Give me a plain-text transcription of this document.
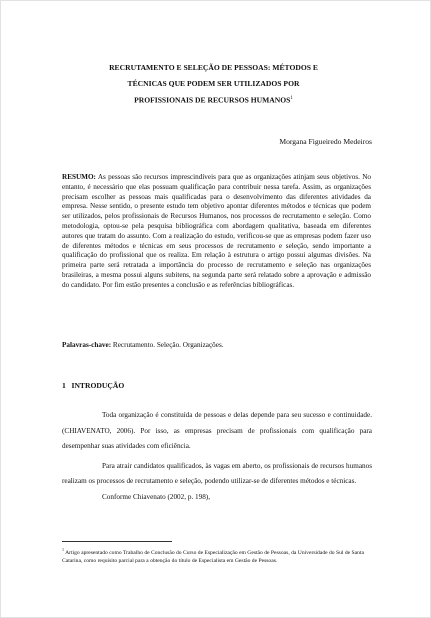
RECRUTAMENTO E SELEÇÃO DE PESSOAS: MÉTODOS E
TÉCNICAS QUE PODEM SER UTILIZADOS POR
PROFISSIONAIS DE RECURSOS HUMANOS$^1$
Morgana Figueiredo Medeiros
RESUMO: As pessoas são recursos imprescindíveis para que as organizações atinjam seus objetivos. No entanto, é necessário que elas possuam qualificação para contribuir nessa tarefa. Assim, as organizações precisam escolher as pessoas mais qualificadas para o desenvolvimento das diferentes atividades da empresa. Nesse sentido, o presente estudo tem objetivo apontar diferentes métodos e técnicas que podem ser utilizados, pelos profissionais de Recursos Humanos, nos processos de recrutamento e seleção. Como metodologia, optou-se pela pesquisa bibliográfica com abordagem qualitativa, baseada em diferentes autores que tratam do assunto. Com a realização do estudo, verificou-se que as empresas podem fazer uso de diferentes métodos e técnicas em seus processos de recrutamento e seleção, sendo importante a qualificação do profissional que os realiza. Em relação à estrutura o artigo possui algumas divisões. Na primeira parte será retratada a importância do processo de recrutamento e seleção nas organizações brasileiras, a mesma possui alguns subitens, na segunda parte será relatado sobre a aprovação e admissão do candidato. Por fim estão presentes a conclusão e as referências bibliográficas.
Palavras-chave: Recrutamento. Seleção. Organizações.
1   INTRODUÇÃO

Toda organização é constituída de pessoas e delas depende para seu sucesso e continuidade. (CHIAVENATO, 2006). Por isso, as empresas precisam de profissionais com qualificação para desempenhar suas atividades com eficiência.

Para atrair candidatos qualificados, às vagas em aberto, os profissionais de recursos humanos realizam os processos de recrutamento e seleção, podendo utilizar-se de diferentes métodos e técnicas.

Conforme Chiavenato (2002, p. 198),

$^1$ Artigo apresentado como Trabalho de Conclusão do Curso de Especialização em Gestão de Pessoas, da Universidade do Sul de Santa Catarina, como requisito parcial para a obtenção do título de Especialista em Gestão de Pessoas.
